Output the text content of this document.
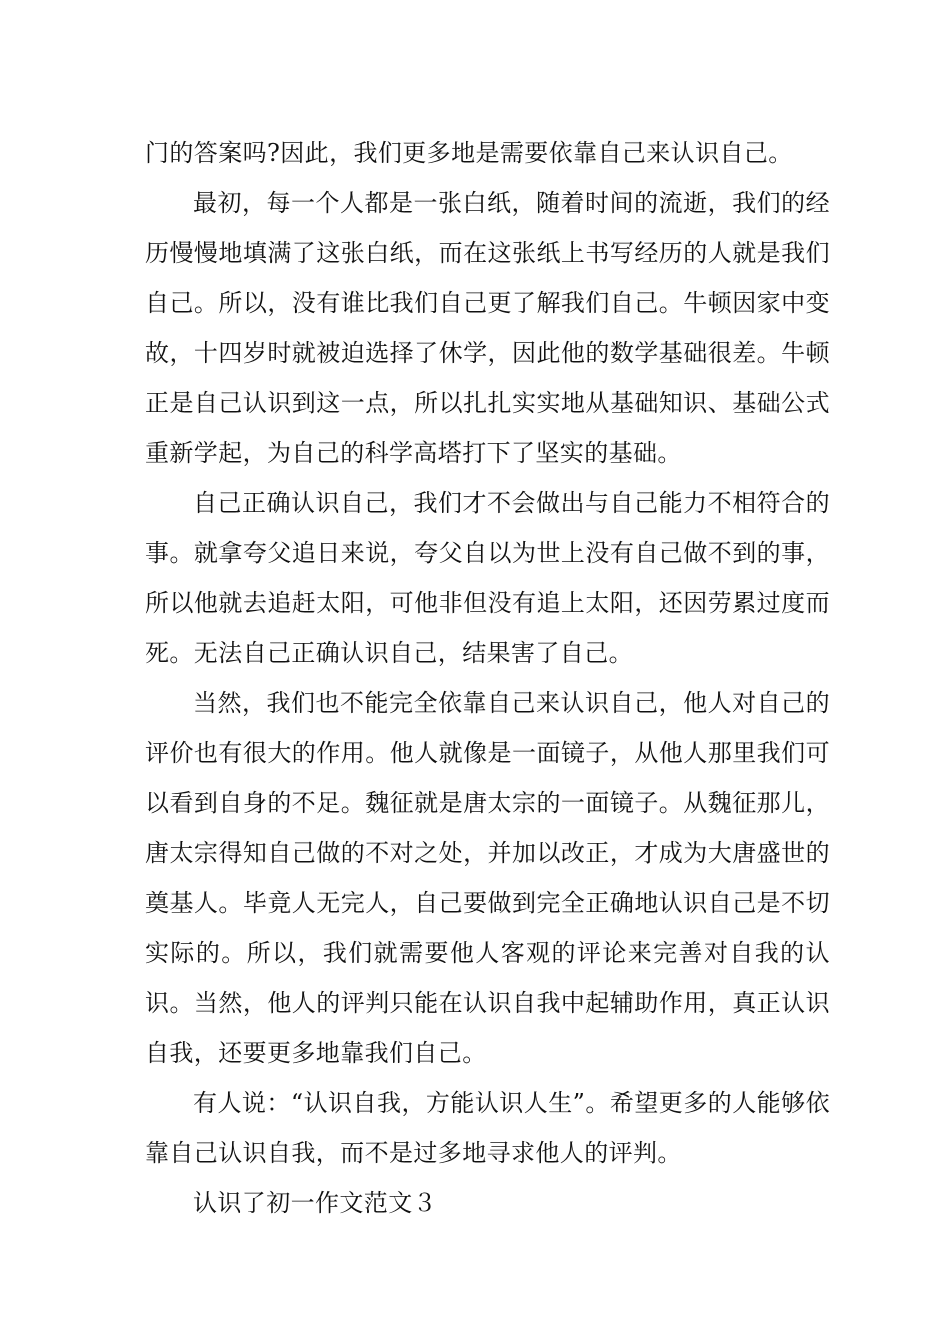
门的答案吗?因此，我们更多地是需要依靠自己来认识自己。

最初，每一个人都是一张白纸，随着时间的流逝，我们的经历慢慢地填满了这张白纸，而在这张纸上书写经历的人就是我们自己。所以，没有谁比我们自己更了解我们自己。牛顿因家中变故，十四岁时就被迫选择了休学，因此他的数学基础很差。牛顿正是自己认识到这一点，所以扎扎实实地从基础知识、基础公式重新学起，为自己的科学高塔打下了坚实的基础。

自己正确认识自己，我们才不会做出与自己能力不相符合的事。就拿夸父追日来说，夸父自以为世上没有自己做不到的事，所以他就去追赶太阳，可他非但没有追上太阳，还因劳累过度而死。无法自己正确认识自己，结果害了自己。

当然，我们也不能完全依靠自己来认识自己，他人对自己的评价也有很大的作用。他人就像是一面镜子，从他人那里我们可以看到自身的不足。魏征就是唐太宗的一面镜子。从魏征那儿，唐太宗得知自己做的不对之处，并加以改正，才成为大唐盛世的奠基人。毕竟人无完人，自己要做到完全正确地认识自己是不切实际的。所以，我们就需要他人客观的评论来完善对自我的认识。当然，他人的评判只能在认识自我中起辅助作用，真正认识自我，还要更多地靠我们自己。

有人说：“认识自我，方能认识人生”。希望更多的人能够依靠自己认识自我，而不是过多地寻求他人的评判。

认识了初一作文范文３
